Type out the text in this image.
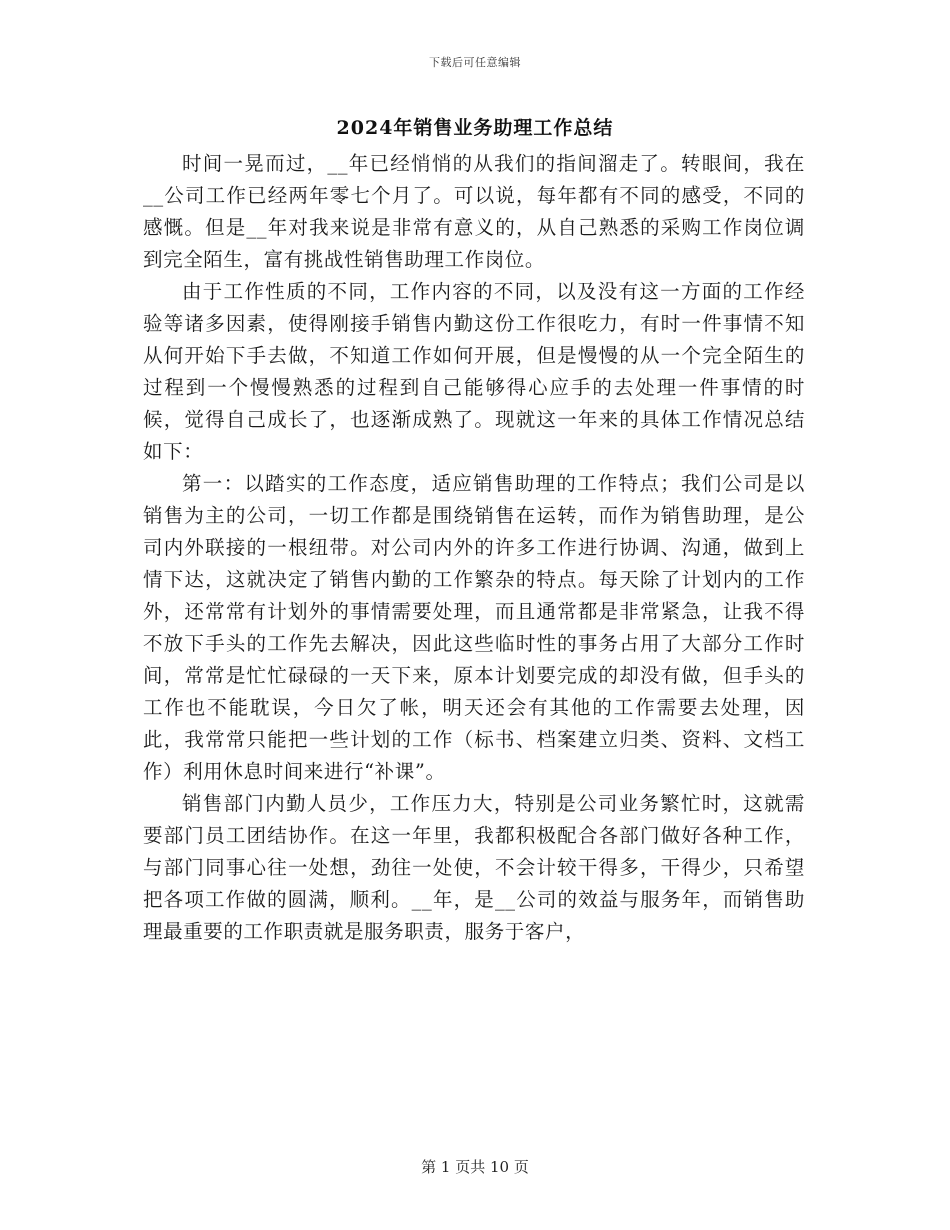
下载后可任意编辑
2024年销售业务助理工作总结

时间一晃而过，__年已经悄悄的从我们的指间溜走了。转眼间，我在__公司工作已经两年零七个月了。可以说，每年都有不同的感受，不同的感慨。但是__年对我来说是非常有意义的，从自己熟悉的采购工作岗位调到完全陌生，富有挑战性销售助理工作岗位。

由于工作性质的不同，工作内容的不同，以及没有这一方面的工作经验等诸多因素，使得刚接手销售内勤这份工作很吃力，有时一件事情不知从何开始下手去做，不知道工作如何开展，但是慢慢的从一个完全陌生的过程到一个慢慢熟悉的过程到自己能够得心应手的去处理一件事情的时候，觉得自己成长了，也逐渐成熟了。现就这一年来的具体工作情况总结如下：

第一：以踏实的工作态度，适应销售助理的工作特点；我们公司是以销售为主的公司，一切工作都是围绕销售在运转，而作为销售助理，是公司内外联接的一根纽带。对公司内外的许多工作进行协调、沟通，做到上情下达，这就决定了销售内勤的工作繁杂的特点。每天除了计划内的工作外，还常常有计划外的事情需要处理，而且通常都是非常紧急，让我不得不放下手头的工作先去解决，因此这些临时性的事务占用了大部分工作时间，常常是忙忙碌碌的一天下来，原本计划要完成的却没有做，但手头的工作也不能耽误，今日欠了帐，明天还会有其他的工作需要去处理，因此，我常常只能把一些计划的工作（标书、档案建立归类、资料、文档工作）利用休息时间来进行“补课”。

销售部门内勤人员少，工作压力大，特别是公司业务繁忙时，这就需要部门员工团结协作。在这一年里，我都积极配合各部门做好各种工作，与部门同事心往一处想，劲往一处使，不会计较干得多，干得少，只希望把各项工作做的圆满，顺利。__年，是__公司的效益与服务年，而销售助理最重要的工作职责就是服务职责，服务于客户，

第 1 页共 10 页
